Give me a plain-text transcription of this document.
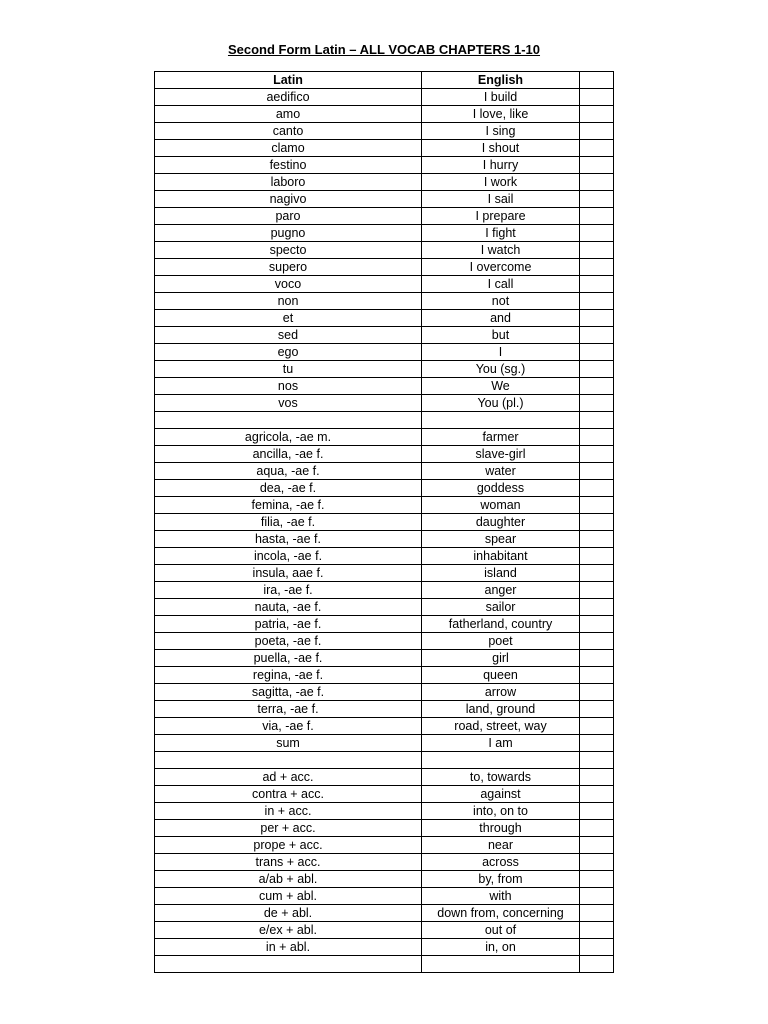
Second Form Latin – ALL VOCAB CHAPTERS 1-10
Latin	English	
aedifico	I build	
amo	I love, like	
canto	I sing	
clamo	I shout	
festino	I hurry	
laboro	I work	
nagivo	I sail	
paro	I prepare	
pugno	I fight	
specto	I watch	
supero	I overcome	
voco	I call	
non	not	
et	and	
sed	but	
ego	I	
tu	You (sg.)	
nos	We	
vos	You (pl.)	

agricola, -ae m.	farmer	
ancilla, -ae f.	slave-girl	
aqua, -ae f.	water	
dea, -ae f.	goddess	
femina, -ae f.	woman	
filia, -ae f.	daughter	
hasta, -ae f.	spear	
incola, -ae f.	inhabitant	
insula, aae f.	island	
ira, -ae f.	anger	
nauta, -ae f.	sailor	
patria, -ae f.	fatherland, country	
poeta, -ae f.	poet	
puella, -ae f.	girl	
regina, -ae f.	queen	
sagitta, -ae f.	arrow	
terra, -ae f.	land, ground	
via, -ae f.	road, street, way	
sum	I am	

ad + acc.	to, towards	
contra + acc.	against	
in + acc.	into, on to	
per + acc.	through	
prope + acc.	near	
trans + acc.	across	
a/ab + abl.	by, from	
cum + abl.	with	
de + abl.	down from, concerning	
e/ex + abl.	out of	
in + abl.	in, on	
